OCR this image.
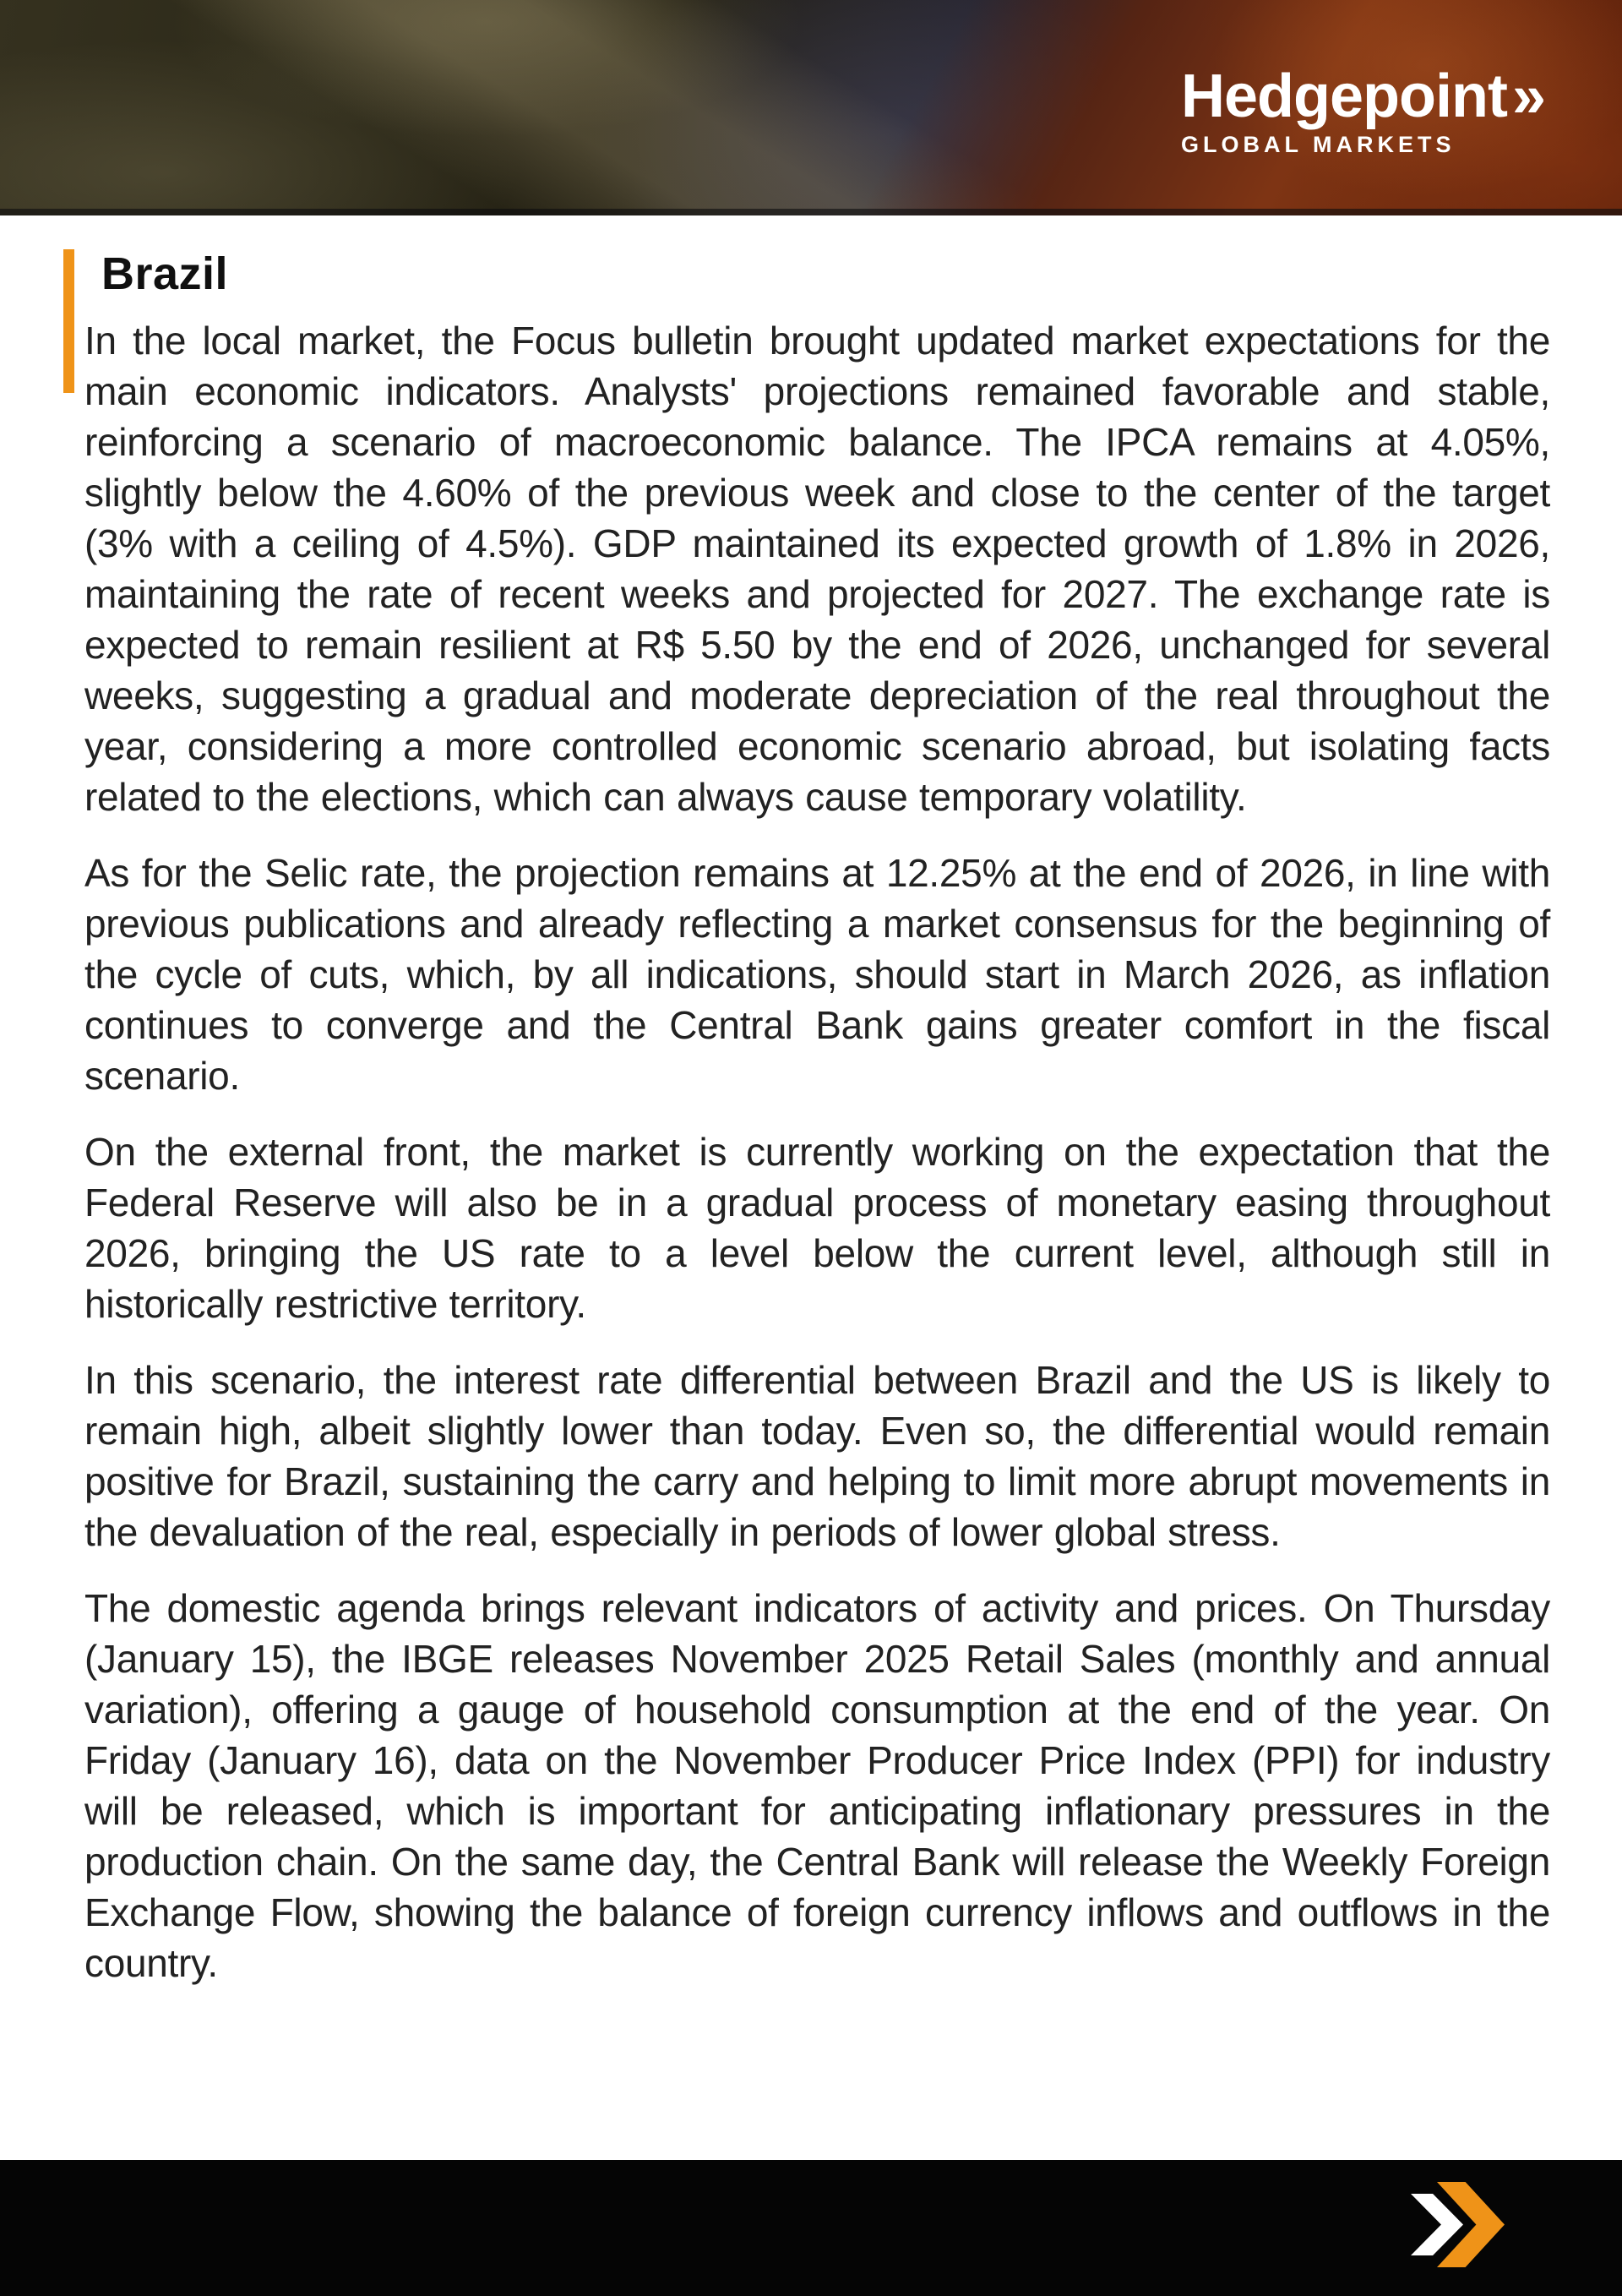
Hedgepoint »
GLOBAL MARKETS
Brazil

In the local market, the Focus bulletin brought updated market expectations for the main economic indicators. Analysts' projections remained favorable and stable, reinforcing a scenario of macroeconomic balance. The IPCA remains at 4.05%, slightly below the 4.60% of the previous week and close to the center of the target (3% with a ceiling of 4.5%). GDP maintained its expected growth of 1.8% in 2026, maintaining the rate of recent weeks and projected for 2027. The exchange rate is expected to remain resilient at R$ 5.50 by the end of 2026, unchanged for several weeks, suggesting a gradual and moderate depreciation of the real throughout the year, considering a more controlled economic scenario abroad, but isolating facts related to the elections, which can always cause temporary volatility.

As for the Selic rate, the projection remains at 12.25% at the end of 2026, in line with previous publications and already reflecting a market consensus for the beginning of the cycle of cuts, which, by all indications, should start in March 2026, as inflation continues to converge and the Central Bank gains greater comfort in the fiscal scenario.

On the external front, the market is currently working on the expectation that the Federal Reserve will also be in a gradual process of monetary easing throughout 2026, bringing the US rate to a level below the current level, although still in historically restrictive territory.

In this scenario, the interest rate differential between Brazil and the US is likely to remain high, albeit slightly lower than today. Even so, the differential would remain positive for Brazil, sustaining the carry and helping to limit more abrupt movements in the devaluation of the real, especially in periods of lower global stress.

The domestic agenda brings relevant indicators of activity and prices. On Thursday (January 15), the IBGE releases November 2025 Retail Sales (monthly and annual variation), offering a gauge of household consumption at the end of the year. On Friday (January 16), data on the November Producer Price Index (PPI) for industry will be released, which is important for anticipating inflationary pressures in the production chain. On the same day, the Central Bank will release the Weekly Foreign Exchange Flow, showing the balance of foreign currency inflows and outflows in the country.
